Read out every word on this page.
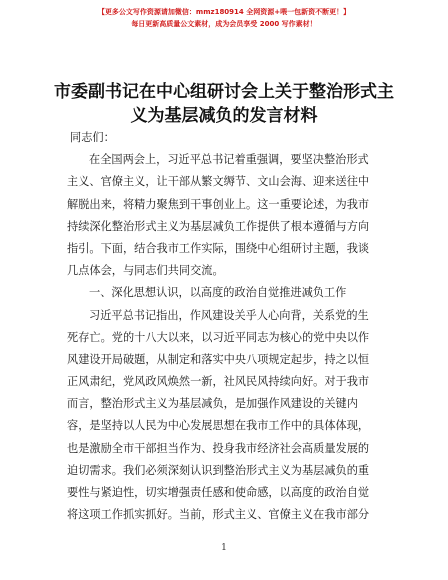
【更多公文写作资源请加微信：mmz180914 全网资源+喂一包新资不断更！】
每日更新高质量公文素材，成为会员享受 2000 写作素材！
市委副书记在中心组研讨会上关于整治形式主
义为基层减负的发言材料
同志们：
在全国两会上，习近平总书记着重强调，要坚决整治形式
主义、官僚主义，让干部从繁文缛节、文山会海、迎来送往中
解脱出来，将精力聚焦到干事创业上。这一重要论述，为我市
持续深化整治形式主义为基层减负工作提供了根本遵循与方向
指引。下面，结合我市工作实际，围绕中心组研讨主题，我谈
几点体会，与同志们共同交流。
一、深化思想认识，以高度的政治自觉推进减负工作
习近平总书记指出，作风建设关乎人心向背，关系党的生
死存亡。党的十八大以来，以习近平同志为核心的党中央以作
风建设开局破题，从制定和落实中央八项规定起步，持之以恒
正风肃纪，党风政风焕然一新，社风民风持续向好。对于我市
而言，整治形式主义为基层减负，是加强作风建设的关键内
容，是坚持以人民为中心发展思想在我市工作中的具体体现，
也是激励全市干部担当作为、投身我市经济社会高质量发展的
迫切需求。我们必须深刻认识到整治形式主义为基层减负的重
要性与紧迫性，切实增强责任感和使命感，以高度的政治自觉
将这项工作抓实抓好。当前，形式主义、官僚主义在我市部分
1
